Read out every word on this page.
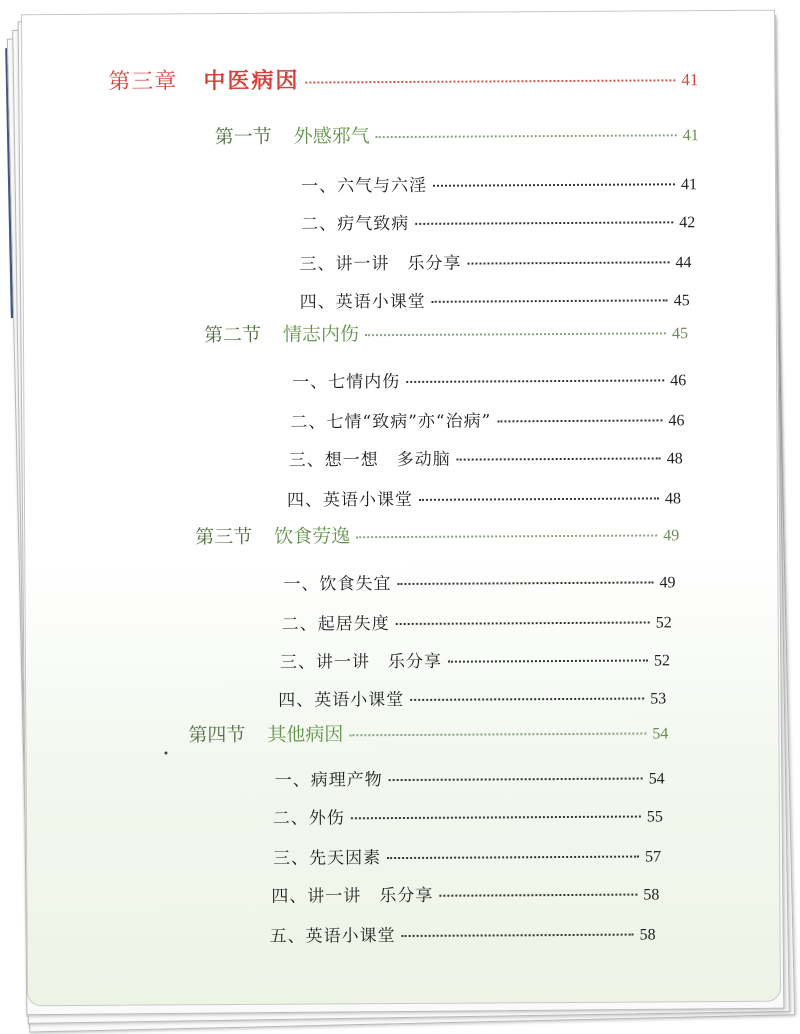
第三章 中医病因	41
第一节 外感邪气	41
一、六气与六淫	41
二、疠气致病	42
三、讲一讲　乐分享	44
四、英语小课堂	45
第二节 情志内伤	45
一、七情内伤	46
二、七情“致病”亦“治病”	46
三、想一想　多动脑	48
四、英语小课堂	48
第三节 饮食劳逸	49
一、饮食失宜	49
二、起居失度	52
三、讲一讲　乐分享	52
四、英语小课堂	53
第四节 其他病因	54
一、病理产物	54
二、外伤	55
三、先天因素	57
四、讲一讲　乐分享	58
五、英语小课堂	58
